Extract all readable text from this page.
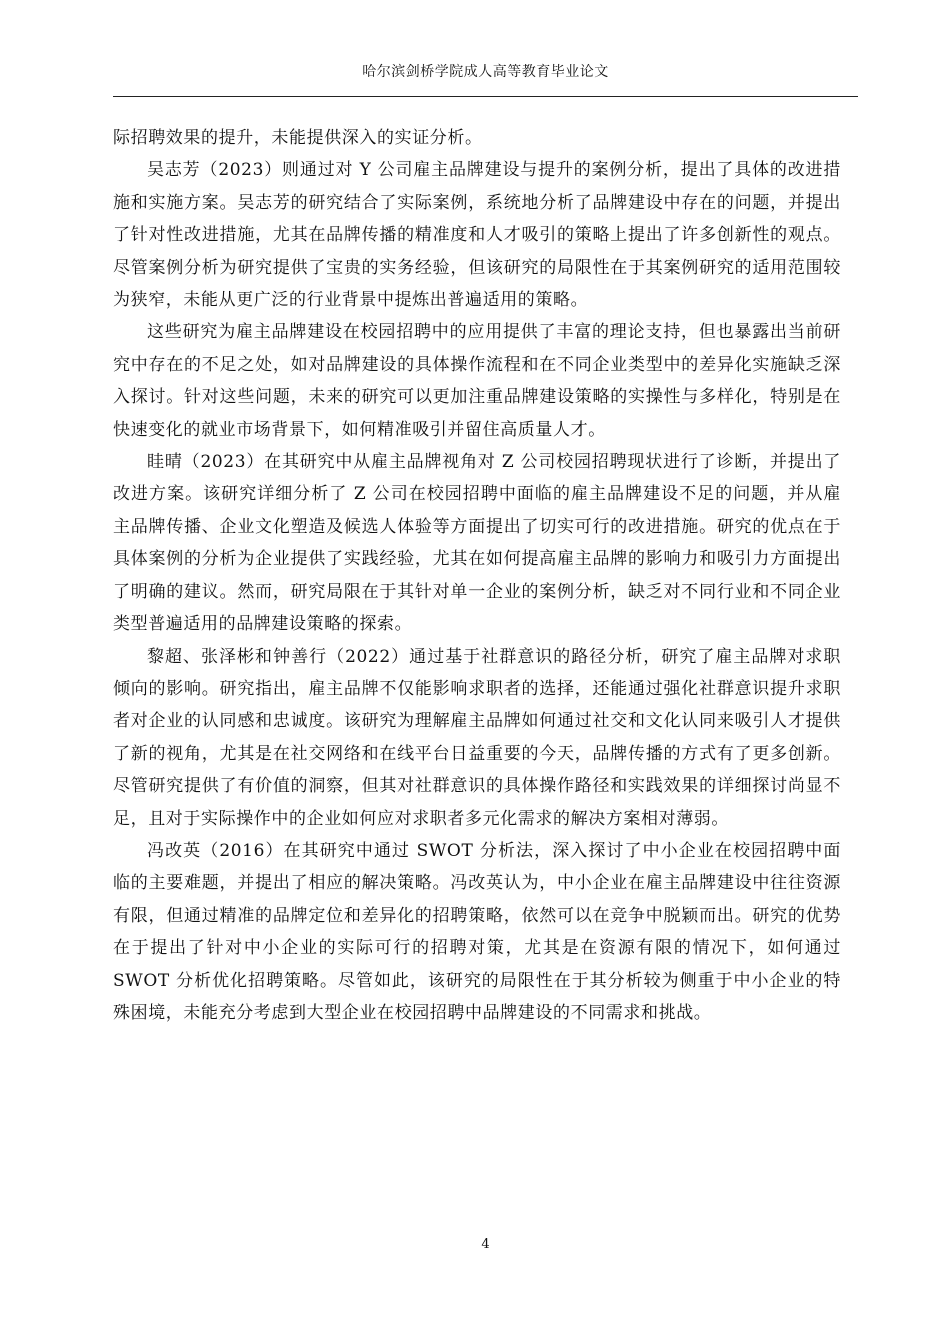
哈尔滨剑桥学院成人高等教育毕业论文

际招聘效果的提升，未能提供深入的实证分析。

吴志芳（2023）则通过对 Y 公司雇主品牌建设与提升的案例分析，提出了具体的改进措施和实施方案。吴志芳的研究结合了实际案例，系统地分析了品牌建设中存在的问题，并提出了针对性改进措施，尤其在品牌传播的精准度和人才吸引的策略上提出了许多创新性的观点。尽管案例分析为研究提供了宝贵的实务经验，但该研究的局限性在于其案例研究的适用范围较为狭窄，未能从更广泛的行业背景中提炼出普遍适用的策略。

这些研究为雇主品牌建设在校园招聘中的应用提供了丰富的理论支持，但也暴露出当前研究中存在的不足之处，如对品牌建设的具体操作流程和在不同企业类型中的差异化实施缺乏深入探讨。针对这些问题，未来的研究可以更加注重品牌建设策略的实操性与多样化，特别是在快速变化的就业市场背景下，如何精准吸引并留住高质量人才。

眭晴（2023）在其研究中从雇主品牌视角对 Z 公司校园招聘现状进行了诊断，并提出了改进方案。该研究详细分析了 Z 公司在校园招聘中面临的雇主品牌建设不足的问题，并从雇主品牌传播、企业文化塑造及候选人体验等方面提出了切实可行的改进措施。研究的优点在于具体案例的分析为企业提供了实践经验，尤其在如何提高雇主品牌的影响力和吸引力方面提出了明确的建议。然而，研究局限在于其针对单一企业的案例分析，缺乏对不同行业和不同企业类型普遍适用的品牌建设策略的探索。

黎超、张泽彬和钟善行（2022）通过基于社群意识的路径分析，研究了雇主品牌对求职倾向的影响。研究指出，雇主品牌不仅能影响求职者的选择，还能通过强化社群意识提升求职者对企业的认同感和忠诚度。该研究为理解雇主品牌如何通过社交和文化认同来吸引人才提供了新的视角，尤其是在社交网络和在线平台日益重要的今天，品牌传播的方式有了更多创新。尽管研究提供了有价值的洞察，但其对社群意识的具体操作路径和实践效果的详细探讨尚显不足，且对于实际操作中的企业如何应对求职者多元化需求的解决方案相对薄弱。

冯改英（2016）在其研究中通过 SWOT 分析法，深入探讨了中小企业在校园招聘中面临的主要难题，并提出了相应的解决策略。冯改英认为，中小企业在雇主品牌建设中往往资源有限，但通过精准的品牌定位和差异化的招聘策略，依然可以在竞争中脱颖而出。研究的优势在于提出了针对中小企业的实际可行的招聘对策，尤其是在资源有限的情况下，如何通过 SWOT 分析优化招聘策略。尽管如此，该研究的局限性在于其分析较为侧重于中小企业的特殊困境，未能充分考虑到大型企业在校园招聘中品牌建设的不同需求和挑战。

4
